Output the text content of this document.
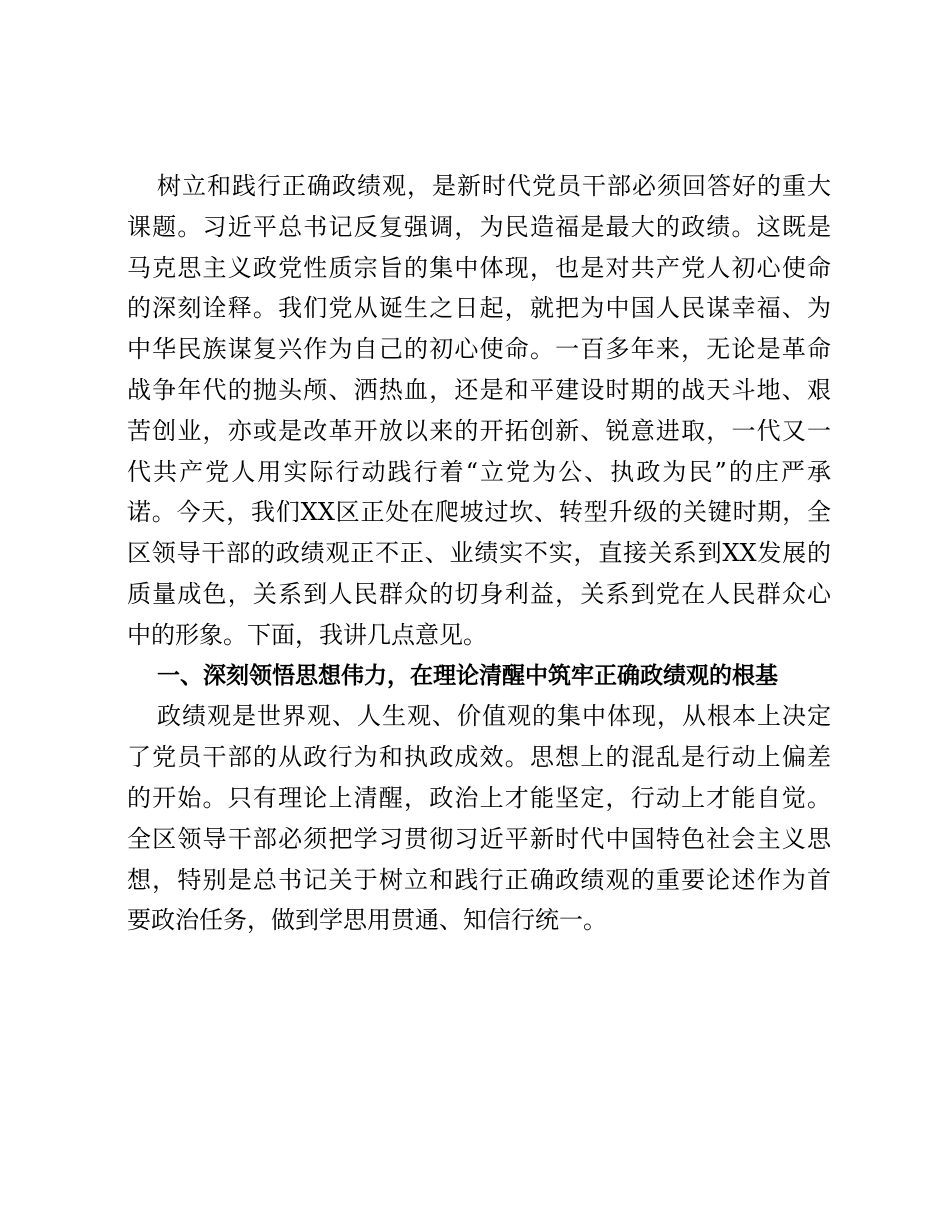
树立和践行正确政绩观，是新时代党员干部必须回答好的重大
课题。习近平总书记反复强调，为民造福是最大的政绩。这既是
马克思主义政党性质宗旨的集中体现，也是对共产党人初心使命
的深刻诠释。我们党从诞生之日起，就把为中国人民谋幸福、为
中华民族谋复兴作为自己的初心使命。一百多年来，无论是革命
战争年代的抛头颅、洒热血，还是和平建设时期的战天斗地、艰
苦创业，亦或是改革开放以来的开拓创新、锐意进取，一代又一
代共产党人用实际行动践行着“立党为公、执政为民”的庄严承
诺。今天，我们XX区正处在爬坡过坎、转型升级的关键时期，全
区领导干部的政绩观正不正、业绩实不实，直接关系到XX发展的
质量成色，关系到人民群众的切身利益，关系到党在人民群众心
中的形象。下面，我讲几点意见。
一、深刻领悟思想伟力，在理论清醒中筑牢正确政绩观的根基
政绩观是世界观、人生观、价值观的集中体现，从根本上决定
了党员干部的从政行为和执政成效。思想上的混乱是行动上偏差
的开始。只有理论上清醒，政治上才能坚定，行动上才能自觉。
全区领导干部必须把学习贯彻习近平新时代中国特色社会主义思
想，特别是总书记关于树立和践行正确政绩观的重要论述作为首
要政治任务，做到学思用贯通、知信行统一。
